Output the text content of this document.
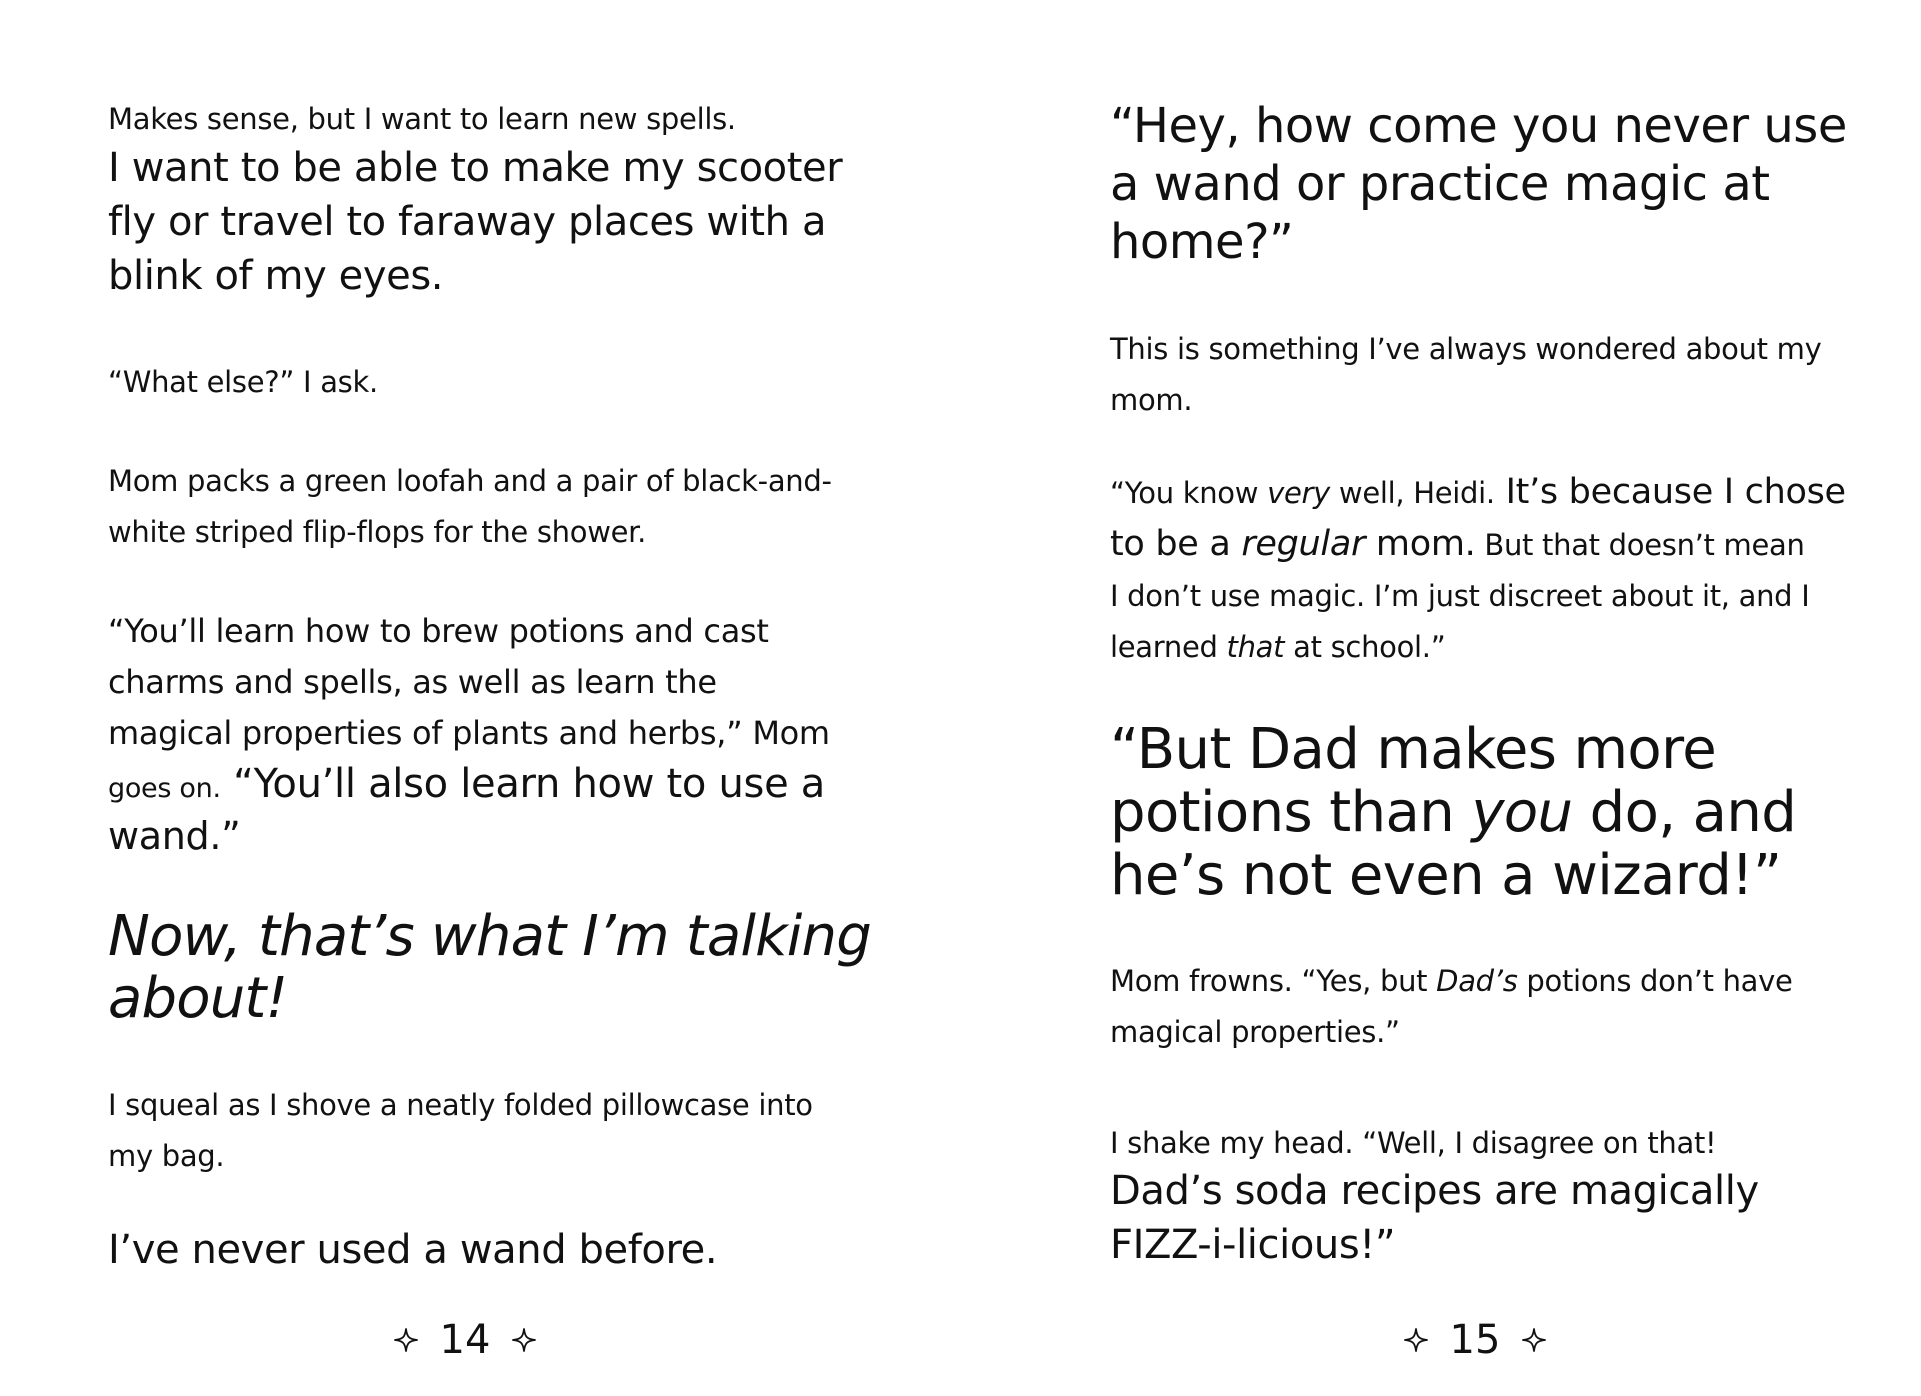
Makes sense, but I want to learn new spells.
I want to be able to make my scooter
fly or travel to faraway places with a
blink of my eyes.
“What else?” I ask.
Mom packs a green loofah and a pair of black-and-
white striped flip-flops for the shower.
“You’ll learn how to brew potions and cast
charms and spells, as well as learn the
magical properties of plants and herbs,” Mom
goes on. “You’ll also learn how to use a
wand.”
Now, that’s what I’m talking
about!
I squeal as I shove a neatly folded pillowcase into
my bag.
I’ve never used a wand before.
14
“Hey, how come you never use
a wand or practice magic at
home?”
This is something I’ve always wondered about my
mom.
“You know very well, Heidi. It’s because I chose
to be a regular mom. But that doesn’t mean
I don’t use magic. I’m just discreet about it, and I
learned that at school.”
“But Dad makes more
potions than you do, and
he’s not even a wizard!”
Mom frowns. “Yes, but Dad’s potions don’t have
magical properties.”
I shake my head. “Well, I disagree on that!
Dad’s soda recipes are magically
FIZZ-i-licious!”
15
